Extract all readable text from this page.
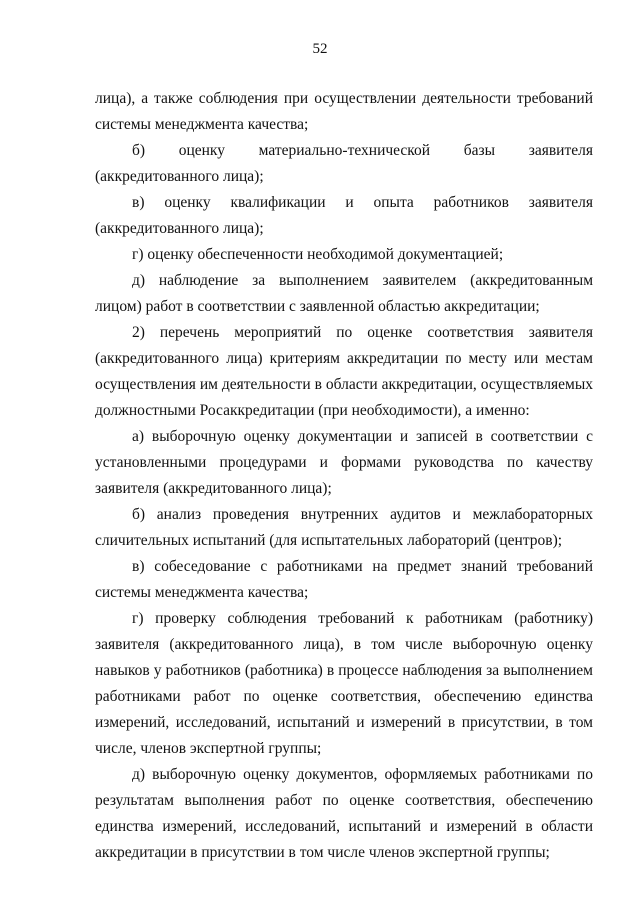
52

лица), а также соблюдения при осуществлении деятельности требований системы менеджмента качества;

б) оценку материально-технической базы заявителя (аккредитованного лица);

в) оценку квалификации и опыта работников заявителя (аккредитованного лица);

г) оценку обеспеченности необходимой документацией;

д) наблюдение за выполнением заявителем (аккредитованным лицом) работ в соответствии с заявленной областью аккредитации;

2) перечень мероприятий по оценке соответствия заявителя (аккредитованного лица) критериям аккредитации по месту или местам осуществления им деятельности в области аккредитации, осуществляемых должностными Росаккредитации (при необходимости), а именно:

а) выборочную оценку документации и записей в соответствии с установленными процедурами и формами руководства по качеству заявителя (аккредитованного лица);

б) анализ проведения внутренних аудитов и межлабораторных сличительных испытаний (для испытательных лабораторий (центров);

в) собеседование с работниками на предмет знаний требований системы менеджмента качества;

г) проверку соблюдения требований к работникам (работнику) заявителя (аккредитованного лица), в том числе выборочную оценку навыков у работников (работника) в процессе наблюдения за выполнением работниками работ по оценке соответствия, обеспечению единства измерений, исследований, испытаний и измерений в присутствии, в том числе, членов экспертной группы;

д) выборочную оценку документов, оформляемых работниками по результатам выполнения работ по оценке соответствия, обеспечению единства измерений, исследований, испытаний и измерений в области аккредитации в присутствии в том числе членов экспертной группы;
